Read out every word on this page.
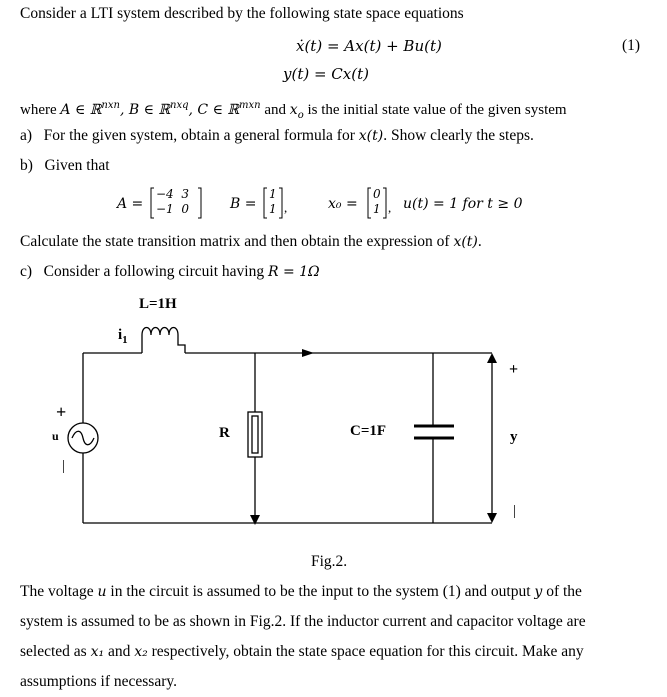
Consider a LTI system described by the following state space equations
ẋ(t) = Ax(t) + Bu(t)	(1)
y(t) = Cx(t)
where A ∈ ℝ$^{nxn}$, B ∈ ℝ$^{nxq}$, C ∈ ℝ$^{mxn}$ and $x_o$ is the initial state value of the given system
a) For the given system, obtain a general formula for x(t). Show clearly the steps.
b) Given that
A =
−4  3
−1  0	B =
1
1 ,	x₀ =
0
1 , u(t) = 1 for t ≥ 0
Calculate the state transition matrix and then obtain the expression of x(t).
c) Consider a following circuit having R = 1Ω
L=1H
$i_1$
R	C=1F
u
+
|
+
|
y
Fig.2.
The voltage u in the circuit is assumed to be the input to the system (1) and output y of the
system is assumed to be as shown in Fig.2. If the inductor current and capacitor voltage are
selected as x₁ and x₂ respectively, obtain the state space equation for this circuit. Make any
assumptions if necessary.
